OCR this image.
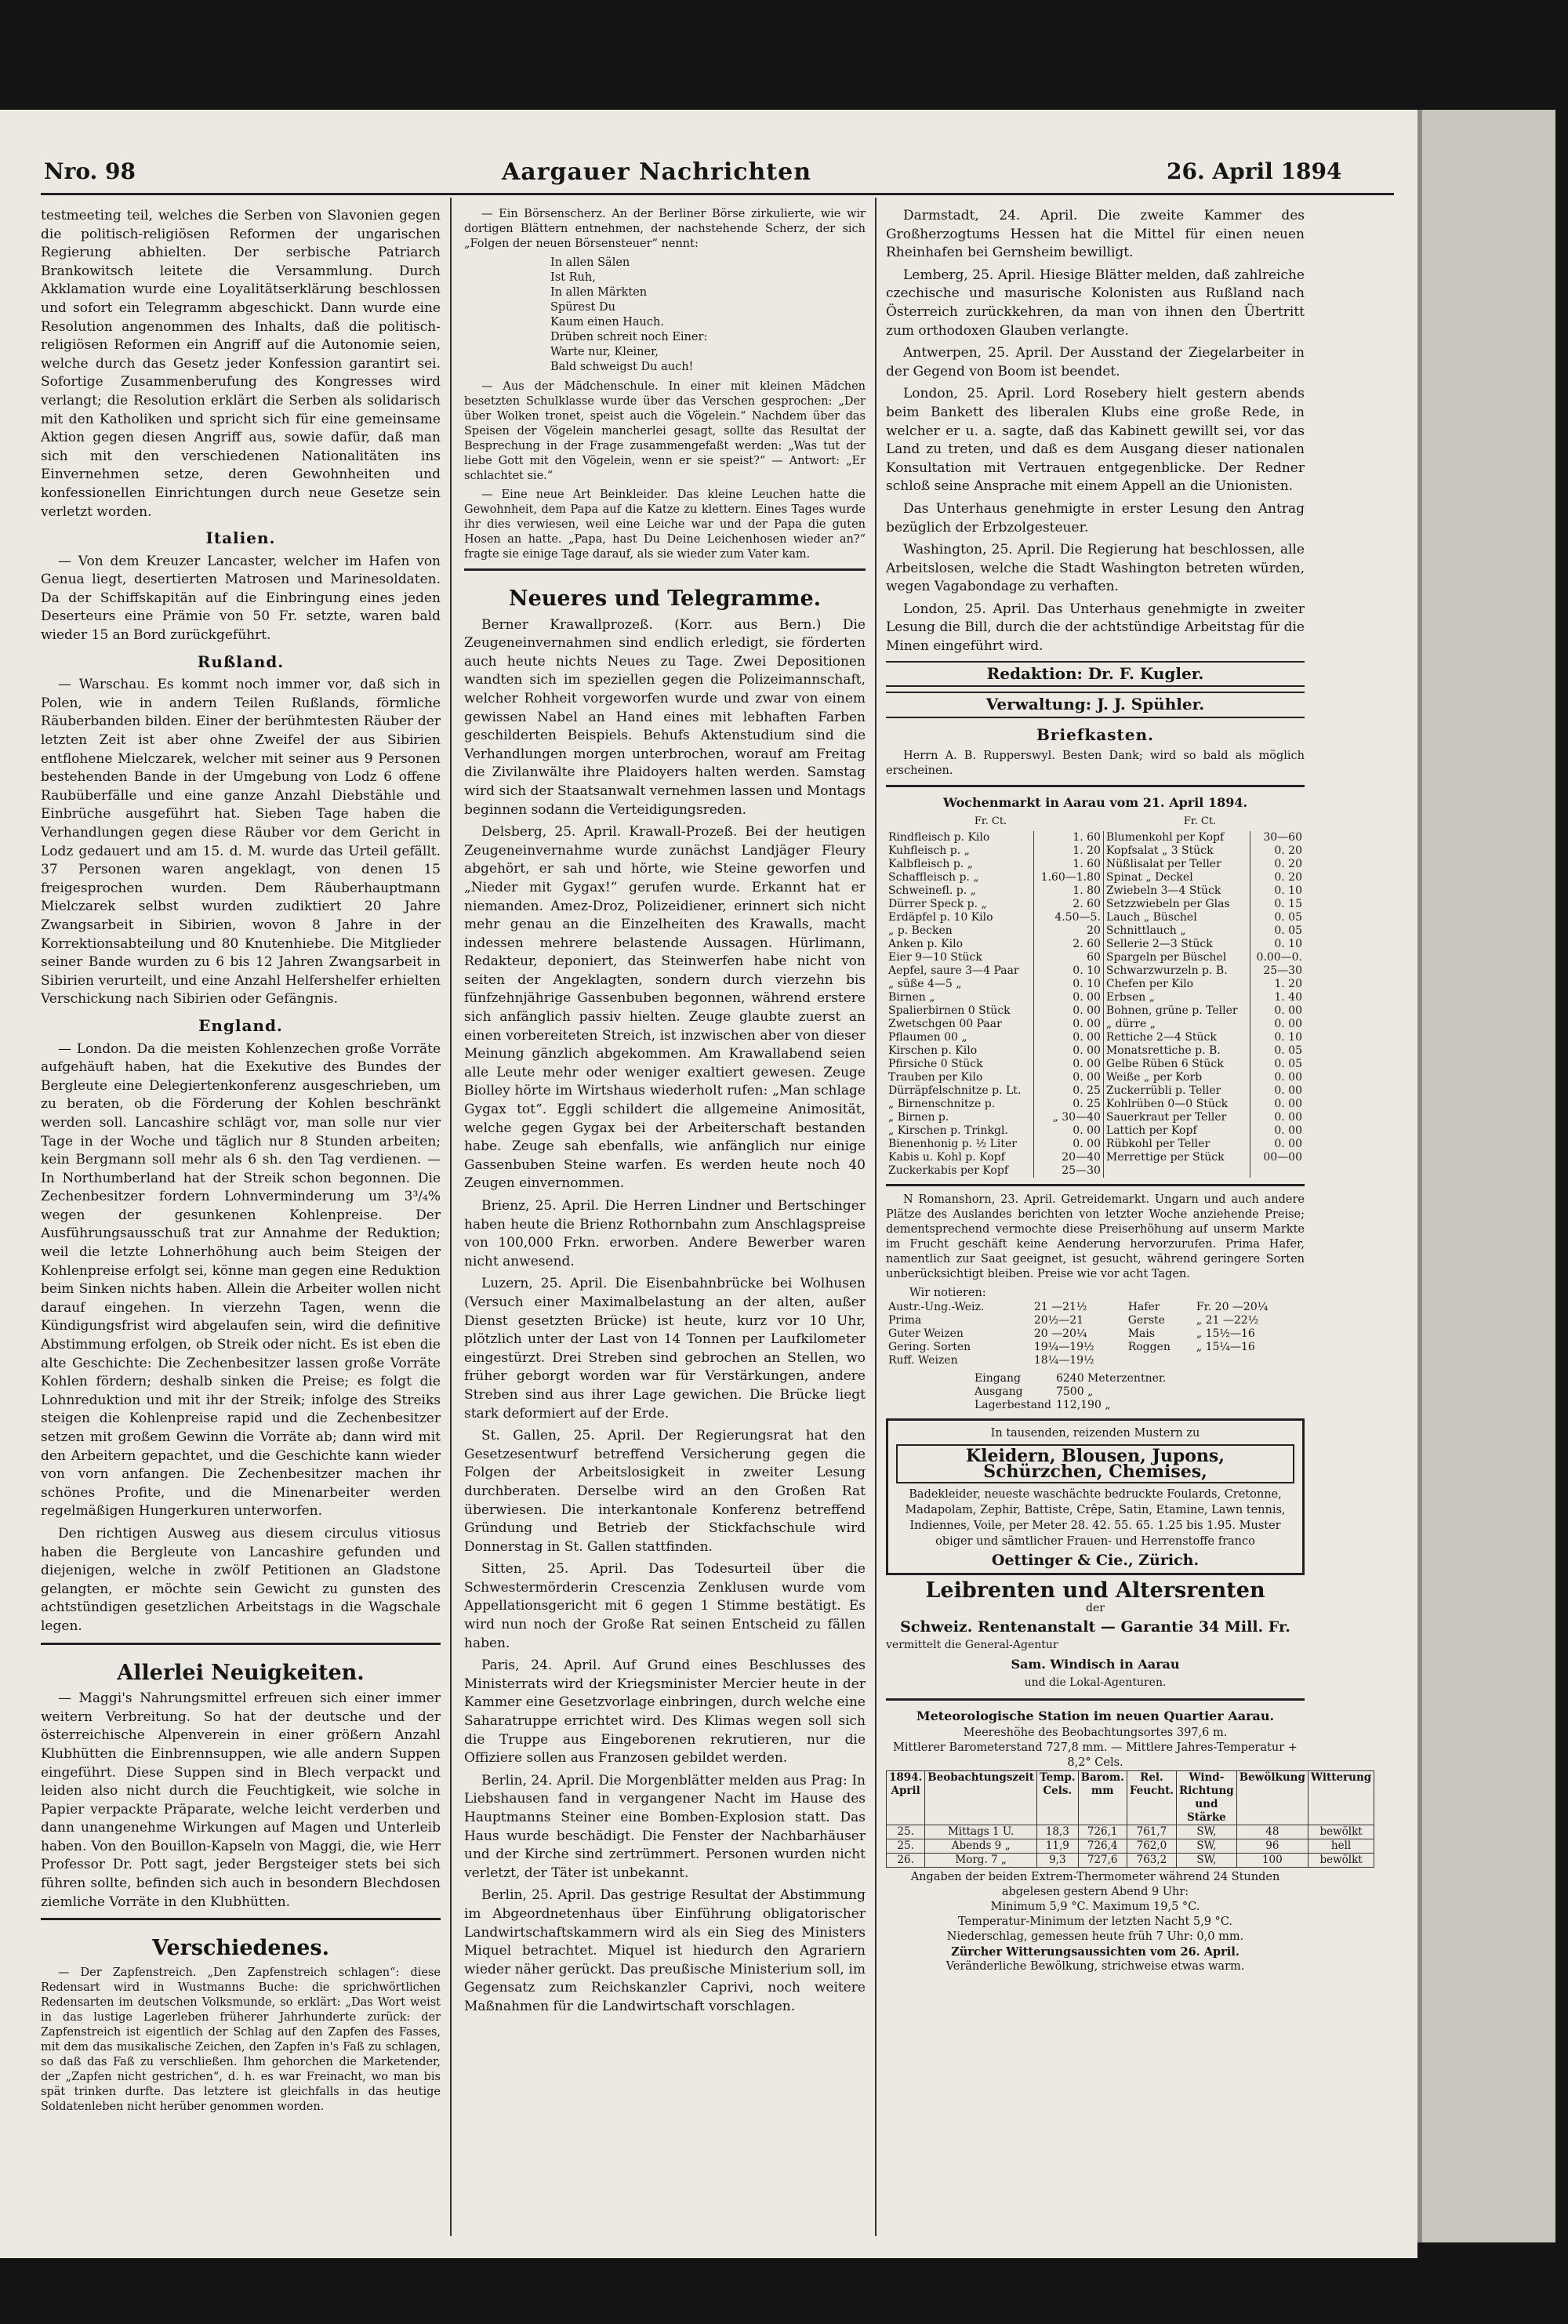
Nro. 98	Aargauer Nachrichten	26. April 1894

testmeeting teil, welches die Serben von Slavonien gegen die politisch-religiösen Reformen der ungarischen Regierung abhielten. Der serbische Patriarch Brankowitsch leitete die Versammlung. Durch Akklamation wurde eine Loyalitätserklärung beschlossen und sofort ein Telegramm abgeschickt. Dann wurde eine Resolution angenommen des Inhalts, daß die politisch-religiösen Reformen ein Angriff auf die Autonomie seien, welche durch das Gesetz jeder Konfession garantirt sei. Sofortige Zusammenberufung des Kongresses wird verlangt; die Resolution erklärt die Serben als solidarisch mit den Katholiken und spricht sich für eine gemeinsame Aktion gegen diesen Angriff aus, sowie dafür, daß man sich mit den verschiedenen Nationalitäten ins Einvernehmen setze, deren Gewohnheiten und konfessionellen Einrichtungen durch neue Gesetze sein verletzt worden.

Italien.

— Von dem Kreuzer Lancaster, welcher im Hafen von Genua liegt, desertierten Matrosen und Marinesoldaten. Da der Schiffskapitän auf die Einbringung eines jeden Deserteurs eine Prämie von 50 Fr. setzte, waren bald wieder 15 an Bord zurückgeführt.

Rußland.

— Warschau. Es kommt noch immer vor, daß sich in Polen, wie in andern Teilen Rußlands, förmliche Räuberbanden bilden. Einer der berühmtesten Räuber der letzten Zeit ist aber ohne Zweifel der aus Sibirien entflohene Mielczarek, welcher mit seiner aus 9 Personen bestehenden Bande in der Umgebung von Lodz 6 offene Raubüberfälle und eine ganze Anzahl Diebstähle und Einbrüche ausgeführt hat. Sieben Tage haben die Verhandlungen gegen diese Räuber vor dem Gericht in Lodz gedauert und am 15. d. M. wurde das Urteil gefällt. 37 Personen waren angeklagt, von denen 15 freigesprochen wurden. Dem Räuberhauptmann Mielczarek selbst wurden zudiktiert 20 Jahre Zwangsarbeit in Sibirien, wovon 8 Jahre in der Korrektionsabteilung und 80 Knutenhiebe. Die Mitglieder seiner Bande wurden zu 6 bis 12 Jahren Zwangsarbeit in Sibirien verurteilt, und eine Anzahl Helfershelfer erhielten Verschickung nach Sibirien oder Gefängnis.

England.

— London. Da die meisten Kohlenzechen große Vorräte aufgehäuft haben, hat die Exekutive des Bundes der Bergleute eine Delegiertenkonferenz ausgeschrieben, um zu beraten, ob die Förderung der Kohlen beschränkt werden soll. Lancashire schlägt vor, man solle nur vier Tage in der Woche und täglich nur 8 Stunden arbeiten; kein Bergmann soll mehr als 6 sh. den Tag verdienen. — In Northumberland hat der Streik schon begonnen. Die Zechenbesitzer fordern Lohnverminderung um 3³/₄% wegen der gesunkenen Kohlenpreise. Der Ausführungsausschuß trat zur Annahme der Reduktion; weil die letzte Lohnerhöhung auch beim Steigen der Kohlenpreise erfolgt sei, könne man gegen eine Reduktion beim Sinken nichts haben. Allein die Arbeiter wollen nicht darauf eingehen. In vierzehn Tagen, wenn die Kündigungsfrist wird abgelaufen sein, wird die definitive Abstimmung erfolgen, ob Streik oder nicht. Es ist eben die alte Geschichte: Die Zechenbesitzer lassen große Vorräte Kohlen fördern; deshalb sinken die Preise; es folgt die Lohnreduktion und mit ihr der Streik; infolge des Streiks steigen die Kohlenpreise rapid und die Zechenbesitzer setzen mit großem Gewinn die Vorräte ab; dann wird mit den Arbeitern gepachtet, und die Geschichte kann wieder von vorn anfangen. Die Zechenbesitzer machen ihr schönes Profite, und die Minenarbeiter werden regelmäßigen Hungerkuren unterworfen.

Den richtigen Ausweg aus diesem circulus vitiosus haben die Bergleute von Lancashire gefunden und diejenigen, welche in zwölf Petitionen an Gladstone gelangten, er möchte sein Gewicht zu gunsten des achtstündigen gesetzlichen Arbeitstags in die Wagschale legen.

Allerlei Neuigkeiten.

— Maggi's Nahrungsmittel erfreuen sich einer immer weitern Verbreitung. So hat der deutsche und der österreichische Alpenverein in einer größern Anzahl Klubhütten die Einbrennsuppen, wie alle andern Suppen eingeführt. Diese Suppen sind in Blech verpackt und leiden also nicht durch die Feuchtigkeit, wie solche in Papier verpackte Präparate, welche leicht verderben und dann unangenehme Wirkungen auf Magen und Unterleib haben. Von den Bouillon-Kapseln von Maggi, die, wie Herr Professor Dr. Pott sagt, jeder Bergsteiger stets bei sich führen sollte, befinden sich auch in besondern Blechdosen ziemliche Vorräte in den Klubhütten.

Verschiedenes.

— Der Zapfenstreich. „Den Zapfenstreich schlagen“: diese Redensart wird in Wustmanns Buche: die sprichwörtlichen Redensarten im deutschen Volksmunde, so erklärt: „Das Wort weist in das lustige Lagerleben früherer Jahrhunderte zurück: der Zapfenstreich ist eigentlich der Schlag auf den Zapfen des Fasses, mit dem das musikalische Zeichen, den Zapfen in's Faß zu schlagen, so daß das Faß zu verschließen. Ihm gehorchen die Marketender, der „Zapfen nicht gestrichen“, d. h. es war Freinacht, wo man bis spät trinken durfte. Das letztere ist gleichfalls in das heutige Soldatenleben nicht herüber genommen worden.

— Ein Börsenscherz. An der Berliner Börse zirkulierte, wie wir dortigen Blättern entnehmen, der nachstehende Scherz, der sich „Folgen der neuen Börsensteuer“ nennt:

In allen Sälen
Ist Ruh,
In allen Märkten
Spürest Du
Kaum einen Hauch.
Drüben schreit noch Einer:
Warte nur, Kleiner,
Bald schweigst Du auch!

— Aus der Mädchenschule. In einer mit kleinen Mädchen besetzten Schulklasse wurde über das Verschen gesprochen: „Der über Wolken tronet, speist auch die Vögelein.“ Nachdem über das Speisen der Vögelein mancherlei gesagt, sollte das Resultat der Besprechung in der Frage zusammengefaßt werden: „Was tut der liebe Gott mit den Vögelein, wenn er sie speist?“ — Antwort: „Er schlachtet sie.“

— Eine neue Art Beinkleider. Das kleine Leuchen hatte die Gewohnheit, dem Papa auf die Katze zu klettern. Eines Tages wurde ihr dies verwiesen, weil eine Leiche war und der Papa die guten Hosen an hatte. „Papa, hast Du Deine Leichenhosen wieder an?“ fragte sie einige Tage darauf, als sie wieder zum Vater kam.

Neueres und Telegramme.

Berner Krawallprozeß. (Korr. aus Bern.) Die Zeugeneinvernahmen sind endlich erledigt, sie förderten auch heute nichts Neues zu Tage. Zwei Depositionen wandten sich im speziellen gegen die Polizeimannschaft, welcher Rohheit vorgeworfen wurde und zwar von einem gewissen Nabel an Hand eines mit lebhaften Farben geschilderten Beispiels. Behufs Aktenstudium sind die Verhandlungen morgen unterbrochen, worauf am Freitag die Zivilanwälte ihre Plaidoyers halten werden. Samstag wird sich der Staatsanwalt vernehmen lassen und Montags beginnen sodann die Verteidigungsreden.

Delsberg, 25. April. Krawall-Prozeß. Bei der heutigen Zeugeneinvernahme wurde zunächst Landjäger Fleury abgehört, er sah und hörte, wie Steine geworfen und „Nieder mit Gygax!“ gerufen wurde. Erkannt hat er niemanden. Amez-Droz, Polizeidiener, erinnert sich nicht mehr genau an die Einzelheiten des Krawalls, macht indessen mehrere belastende Aussagen. Hürlimann, Redakteur, deponiert, das Steinwerfen habe nicht von seiten der Angeklagten, sondern durch vierzehn bis fünfzehnjährige Gassenbuben begonnen, während erstere sich anfänglich passiv hielten. Zeuge glaubte zuerst an einen vorbereiteten Streich, ist inzwischen aber von dieser Meinung gänzlich abgekommen. Am Krawallabend seien alle Leute mehr oder weniger exaltiert gewesen. Zeuge Biolley hörte im Wirtshaus wiederholt rufen: „Man schlage Gygax tot“. Eggli schildert die allgemeine Animosität, welche gegen Gygax bei der Arbeiterschaft bestanden habe. Zeuge sah ebenfalls, wie anfänglich nur einige Gassenbuben Steine warfen. Es werden heute noch 40 Zeugen einvernommen.

Brienz, 25. April. Die Herren Lindner und Bertschinger haben heute die Brienz Rothornbahn zum Anschlagspreise von 100,000 Frkn. erworben. Andere Bewerber waren nicht anwesend.

Luzern, 25. April. Die Eisenbahnbrücke bei Wolhusen (Versuch einer Maximalbelastung an der alten, außer Dienst gesetzten Brücke) ist heute, kurz vor 10 Uhr, plötzlich unter der Last von 14 Tonnen per Laufkilometer eingestürzt. Drei Streben sind gebrochen an Stellen, wo früher geborgt worden war für Verstärkungen, andere Streben sind aus ihrer Lage gewichen. Die Brücke liegt stark deformiert auf der Erde.

St. Gallen, 25. April. Der Regierungsrat hat den Gesetzesentwurf betreffend Versicherung gegen die Folgen der Arbeitslosigkeit in zweiter Lesung durchberaten. Derselbe wird an den Großen Rat überwiesen. Die interkantonale Konferenz betreffend Gründung und Betrieb der Stickfachschule wird Donnerstag in St. Gallen stattfinden.

Sitten, 25. April. Das Todesurteil über die Schwestermörderin Crescenzia Zenklusen wurde vom Appellationsgericht mit 6 gegen 1 Stimme bestätigt. Es wird nun noch der Große Rat seinen Entscheid zu fällen haben.

Paris, 24. April. Auf Grund eines Beschlusses des Ministerrats wird der Kriegsminister Mercier heute in der Kammer eine Gesetzvorlage einbringen, durch welche eine Saharatruppe errichtet wird. Des Klimas wegen soll sich die Truppe aus Eingeborenen rekrutieren, nur die Offiziere sollen aus Franzosen gebildet werden.

Berlin, 24. April. Die Morgenblätter melden aus Prag: In Liebshausen fand in vergangener Nacht im Hause des Hauptmanns Steiner eine Bomben-Explosion statt. Das Haus wurde beschädigt. Die Fenster der Nachbarhäuser und der Kirche sind zertrümmert. Personen wurden nicht verletzt, der Täter ist unbekannt.

Berlin, 25. April. Das gestrige Resultat der Abstimmung im Abgeordnetenhaus über Einführung obligatorischer Landwirtschaftskammern wird als ein Sieg des Ministers Miquel betrachtet. Miquel ist hiedurch den Agrariern wieder näher gerückt. Das preußische Ministerium soll, im Gegensatz zum Reichskanzler Caprivi, noch weitere Maßnahmen für die Landwirtschaft vorschlagen.

Darmstadt, 24. April. Die zweite Kammer des Großherzogtums Hessen hat die Mittel für einen neuen Rheinhafen bei Gernsheim bewilligt.

Lemberg, 25. April. Hiesige Blätter melden, daß zahlreiche czechische und masurische Kolonisten aus Rußland nach Österreich zurückkehren, da man von ihnen den Übertritt zum orthodoxen Glauben verlangte.

Antwerpen, 25. April. Der Ausstand der Ziegelarbeiter in der Gegend von Boom ist beendet.

London, 25. April. Lord Rosebery hielt gestern abends beim Bankett des liberalen Klubs eine große Rede, in welcher er u. a. sagte, daß das Kabinett gewillt sei, vor das Land zu treten, und daß es dem Ausgang dieser nationalen Konsultation mit Vertrauen entgegenblicke. Der Redner schloß seine Ansprache mit einem Appell an die Unionisten.

Das Unterhaus genehmigte in erster Lesung den Antrag bezüglich der Erbzolgesteuer.

Washington, 25. April. Die Regierung hat beschlossen, alle Arbeitslosen, welche die Stadt Washington betreten würden, wegen Vagabondage zu verhaften.

London, 25. April. Das Unterhaus genehmigte in zweiter Lesung die Bill, durch die der achtstündige Arbeitstag für die Minen eingeführt wird.

Redaktion: Dr. F. Kugler.
Verwaltung: J. J. Spühler.
Briefkasten.

Herrn A. B. Rupperswyl. Besten Dank; wird so bald als möglich erscheinen.

Wochenmarkt in Aarau vom 21. April 1894.
Fr. Ct.	Fr. Ct.
Rindfleisch p. Kilo	1. 60	Blumenkohl per Kopf	30—60
Kuhfleisch p. „	1. 20	Kopfsalat „ 3 Stück	0. 20
Kalbfleisch p. „	1. 60	Nüßlisalat per Teller	0. 20
Schaffleisch p. „	1.60—1.80	Spinat „ Deckel	0. 20
Schweinefl. p. „	1. 80	Zwiebeln 3—4 Stück	0. 10
Dürrer Speck p. „	2. 60	Setzzwiebeln per Glas	0. 15
Erdäpfel p. 10 Kilo	4.50—5.	Lauch „ Büschel	0. 05
„ p. Becken	20	Schnittlauch „	0. 05
Anken p. Kilo	2. 60	Sellerie 2—3 Stück	0. 10
Eier 9—10 Stück	60	Spargeln per Büschel	0.00—0.
Aepfel, saure 3—4 Paar	0. 10	Schwarzwurzeln p. B.	25—30
„ süße 4—5 „	0. 10	Chefen per Kilo	1. 20
Birnen „	0. 00	Erbsen „	1. 40
Spalierbirnen 0 Stück	0. 00	Bohnen, grüne p. Teller	0. 00
Zwetschgen 00 Paar	0. 00	„ dürre „	0. 00
Pflaumen 00 „	0. 00	Rettiche 2—4 Stück	0. 10
Kirschen p. Kilo	0. 00	Monatsrettiche p. B.	0. 05
Pfirsiche 0 Stück	0. 00	Gelbe Rüben 6 Stück	0. 05
Trauben per Kilo	0. 00	Weiße „ per Korb	0. 00
Dürräpfelschnitze p. Lt.	0. 25	Zuckerrübli p. Teller	0. 00
„ Birnenschnitze p.	0. 25	Kohlrüben 0—0 Stück	0. 00
„ Birnen p.	„ 30—40	Sauerkraut per Teller	0. 00
„ Kirschen p. Trinkgl.	0. 00	Lattich per Kopf	0. 00
Bienenhonig p. ½ Liter	0. 00	Rübkohl per Teller	0. 00
Kabis u. Kohl p. Kopf	20—40	Merrettige per Stück	00—00
Zuckerkabis per Kopf	25—30		

N Romanshorn, 23. April. Getreidemarkt. Ungarn und auch andere Plätze des Auslandes berichten von letzter Woche anziehende Preise; dementsprechend vermochte diese Preiserhöhung auf unserm Markte im Frucht geschäft keine Aenderung hervorzurufen. Prima Hafer, namentlich zur Saat geeignet, ist gesucht, während geringere Sorten unberücksichtigt bleiben. Preise wie vor acht Tagen.

Wir notieren:
Austr.-Ung.-Weiz.	21 —21½	Hafer	Fr. 20 —20¼
Prima	20½—21	Gerste	„ 21 —22½
Guter Weizen	20 —20¼	Mais	„ 15½—16
Gering. Sorten	19¼—19½	Roggen	„ 15¼—16
Ruff. Weizen	18¼—19½		
Eingang	6240 Meterzentner.
Ausgang	7500 „
Lagerbestand	112,190 „
In tausenden, reizenden Mustern zu
Kleidern, Blousen, Jupons, Schürzchen, Chemises,
Badekleider, neueste waschächte bedruckte Foulards, Cretonne, Madapolam, Zephir, Battiste, Crêpe, Satin, Etamine, Lawn tennis, Indiennes, Voile, per Meter 28. 42. 55. 65. 1.25 bis 1.95. Muster obiger und sämtlicher Frauen- und Herrenstoffe franco
Oettinger & Cie., Zürich.
Leibrenten und Altersrenten
der
Schweiz. Rentenanstalt — Garantie 34 Mill. Fr.
vermittelt die General-Agentur
Sam. Windisch in Aarau
und die Lokal-Agenturen.
Meteorologische Station im neuen Quartier Aarau.
Meereshöhe des Beobachtungsortes 397,6 m.
Mittlerer Barometerstand 727,8 mm. — Mittlere Jahres-Temperatur + 8,2° Cels.
1894. April	Beobachtungszeit	Temp. Cels.	Barom. mm	Rel. Feucht.	Wind-Richtung und Stärke	Bewölkung	Witterung
25.	Mittags 1 U.	18,3	726,1	761,7	SW,	48	bewölkt
25.	Abends 9 „	11,9	726,4	762,0	SW,	96	hell
26.	Morg. 7 „	9,3	727,6	763,2	SW,	100	bewölkt
Angaben der beiden Extrem-Thermometer während 24 Stunden abgelesen gestern Abend 9 Uhr:
Minimum 5,9 °C. Maximum 19,5 °C.
Temperatur-Minimum der letzten Nacht 5,9 °C.
Niederschlag, gemessen heute früh 7 Uhr: 0,0 mm.
Zürcher Witterungsaussichten vom 26. April.
Veränderliche Bewölkung, strichweise etwas warm.
